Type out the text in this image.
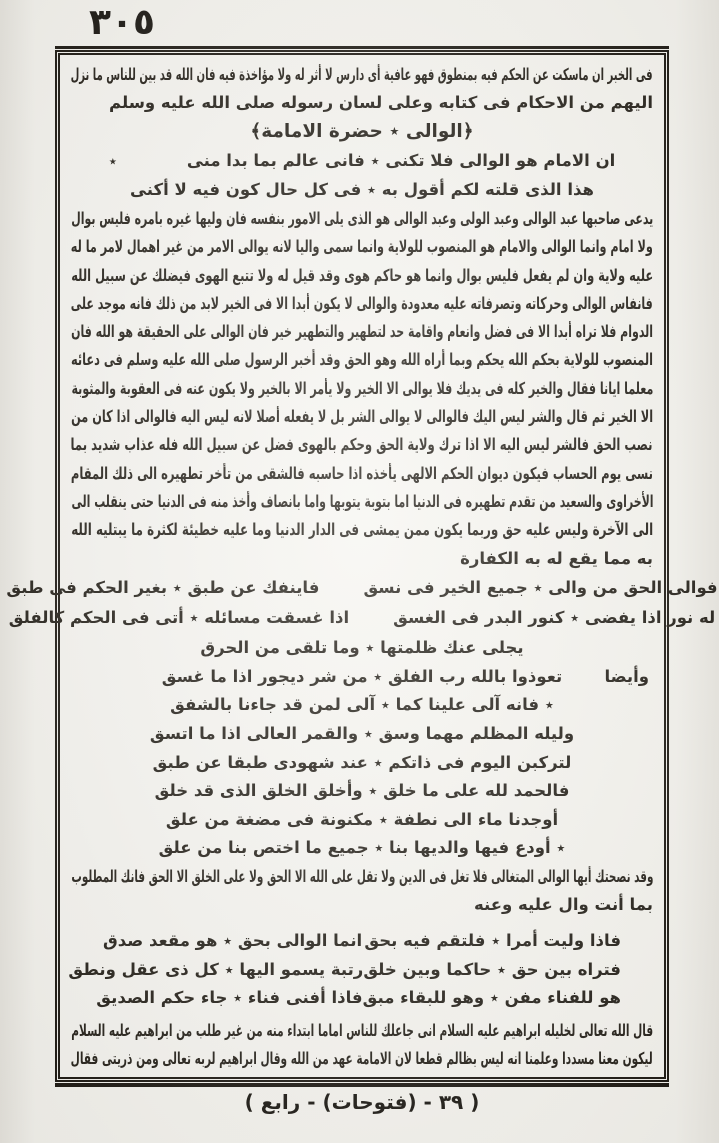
٣٠٥
فى الخبر ان ماسكت عن الحكم فيه بمنطوق فهو عافية أى دارس لا أثر له ولا مؤاخذة فيه فان الله قد بين للناس ما نزل
اليهم من الاحكام فى كتابه وعلى لسان رسوله صلى الله عليه وسلم
﴿الوالى ٭ حضرة الامامة﴾
ان الامام هو الوالى فلا تكنى ٭ فانى عالم بما بدا منى
٭
هذا الذى قلته لكم أقول به ٭ فى كل حال كون فيه لا أكنى
يدعى صاحبها عبد الوالى وعبد الولى وعبد الوالى هو الذى يلى الامور بنفسه فان وليها غيره بامره فليس بوال
ولا امام وانما الوالى والامام هو المنصوب للولاية وانما سمى واليا لانه يوالى الامر من غير اهمال لامر ما له
عليه ولاية وان لم يفعل فليس بوال وانما هو حاكم هوى وقد قيل له ولا تتبع الهوى فيضلك عن سبيل الله
فانفاس الوالى وحركاته وتصرفاته عليه معدودة والوالى لا يكون أبدا الا فى الخير لابد من ذلك فانه موجد على
الدوام فلا تراه أبدا الا فى فضل وانعام واقامة حد لتطهير والتطهير خير فان الوالى على الحقيقة هو الله فان
المنصوب للولاية بحكم الله يحكم وبما أراه الله وهو الحق وقد أخبر الرسول صلى الله عليه وسلم فى دعائه
معلما ايانا فقال والخير كله فى يديك فلا يوالى الا الخير ولا يأمر الا بالخير ولا يكون عنه فى العقوبة والمثوبة
الا الخير ثم قال والشر ليس اليك فالوالى لا يوالى الشر بل لا يفعله أصلا لانه ليس اليه فالوالى اذا كان من
نصب الحق فالشر ليس اليه الا اذا ترك ولاية الحق وحكم بالهوى فضل عن سبيل الله فله عذاب شديد بما
نسى يوم الحساب فيكون ديوان الحكم الالهى يأخذه اذا حاسبه فالشقى من تأخر تطهيره الى ذلك المقام
الأخراوى والسعيد من تقدم تطهيره فى الدنيا اما بتوبة يتوبها واما بانصاف وأخذ منه فى الدنيا حتى ينقلب الى
الى الآخرة وليس عليه حق وربما يكون ممن يمشى فى الدار الدنيا وما عليه خطيئة لكثرة ما يبتليه الله
به مما يقع له به الكفارة
فوالى الحق من والى ٭ جميع الخير فى نسق
فاينفك عن طبق ٭ بغير الحكم فى طبق
له نور اذا يفضى ٭ كنور البدر فى الغسق
اذا غسقت مسائله ٭ أتى فى الحكم كالفلق
يجلى عنك ظلمتها ٭ وما تلقى من الحرق
وأيضا
تعوذوا بالله رب الفلق ٭ من شر ديجور اذا ما غسق
٭ فانه آلى علينا كما ٭ آلى لمن قد جاءنا بالشفق
وليله المظلم مهما وسق ٭ والقمر العالى اذا ما اتسق
لتركبن اليوم فى ذاتكم ٭ عند شهودى طبقا عن طبق
فالحمد لله على ما خلق ٭ وأخلق الخلق الذى قد خلق
أوجدنا ماء الى نطفة ٭ مكنونة فى مضغة من علق
٭ أودع فيها والديها بنا ٭ جميع ما اختص بنا من علق
وقد نصحتك أيها الوالى المتغالى فلا تغل فى الدين ولا تقل على الله الا الحق ولا على الخلق الا الحق فانك المطلوب
بما أنت وال عليه وعنه
فاذا وليت أمرا ٭ فلتقم فيه بحق
انما الوالى بحق ٭ هو مقعد صدق
فتراه بين حق ٭ حاكما وبين خلق
رتبة يسمو اليها ٭ كل ذى عقل ونطق
هو للفناء مفن ٭ وهو للبقاء مبق
فاذا أفنى فناء ٭ جاء حكم الصديق
قال الله تعالى لخليله ابراهيم عليه السلام انى جاعلك للناس اماما ابتداء منه من غير طلب من ابراهيم عليه السلام
ليكون معنا مسددا وعلمنا انه ليس بظالم قطعا لان الامامة عهد من الله وقال ابراهيم لربه تعالى ومن ذريتى فقال
( ٣٩ - (فتوحات) - رابع )
